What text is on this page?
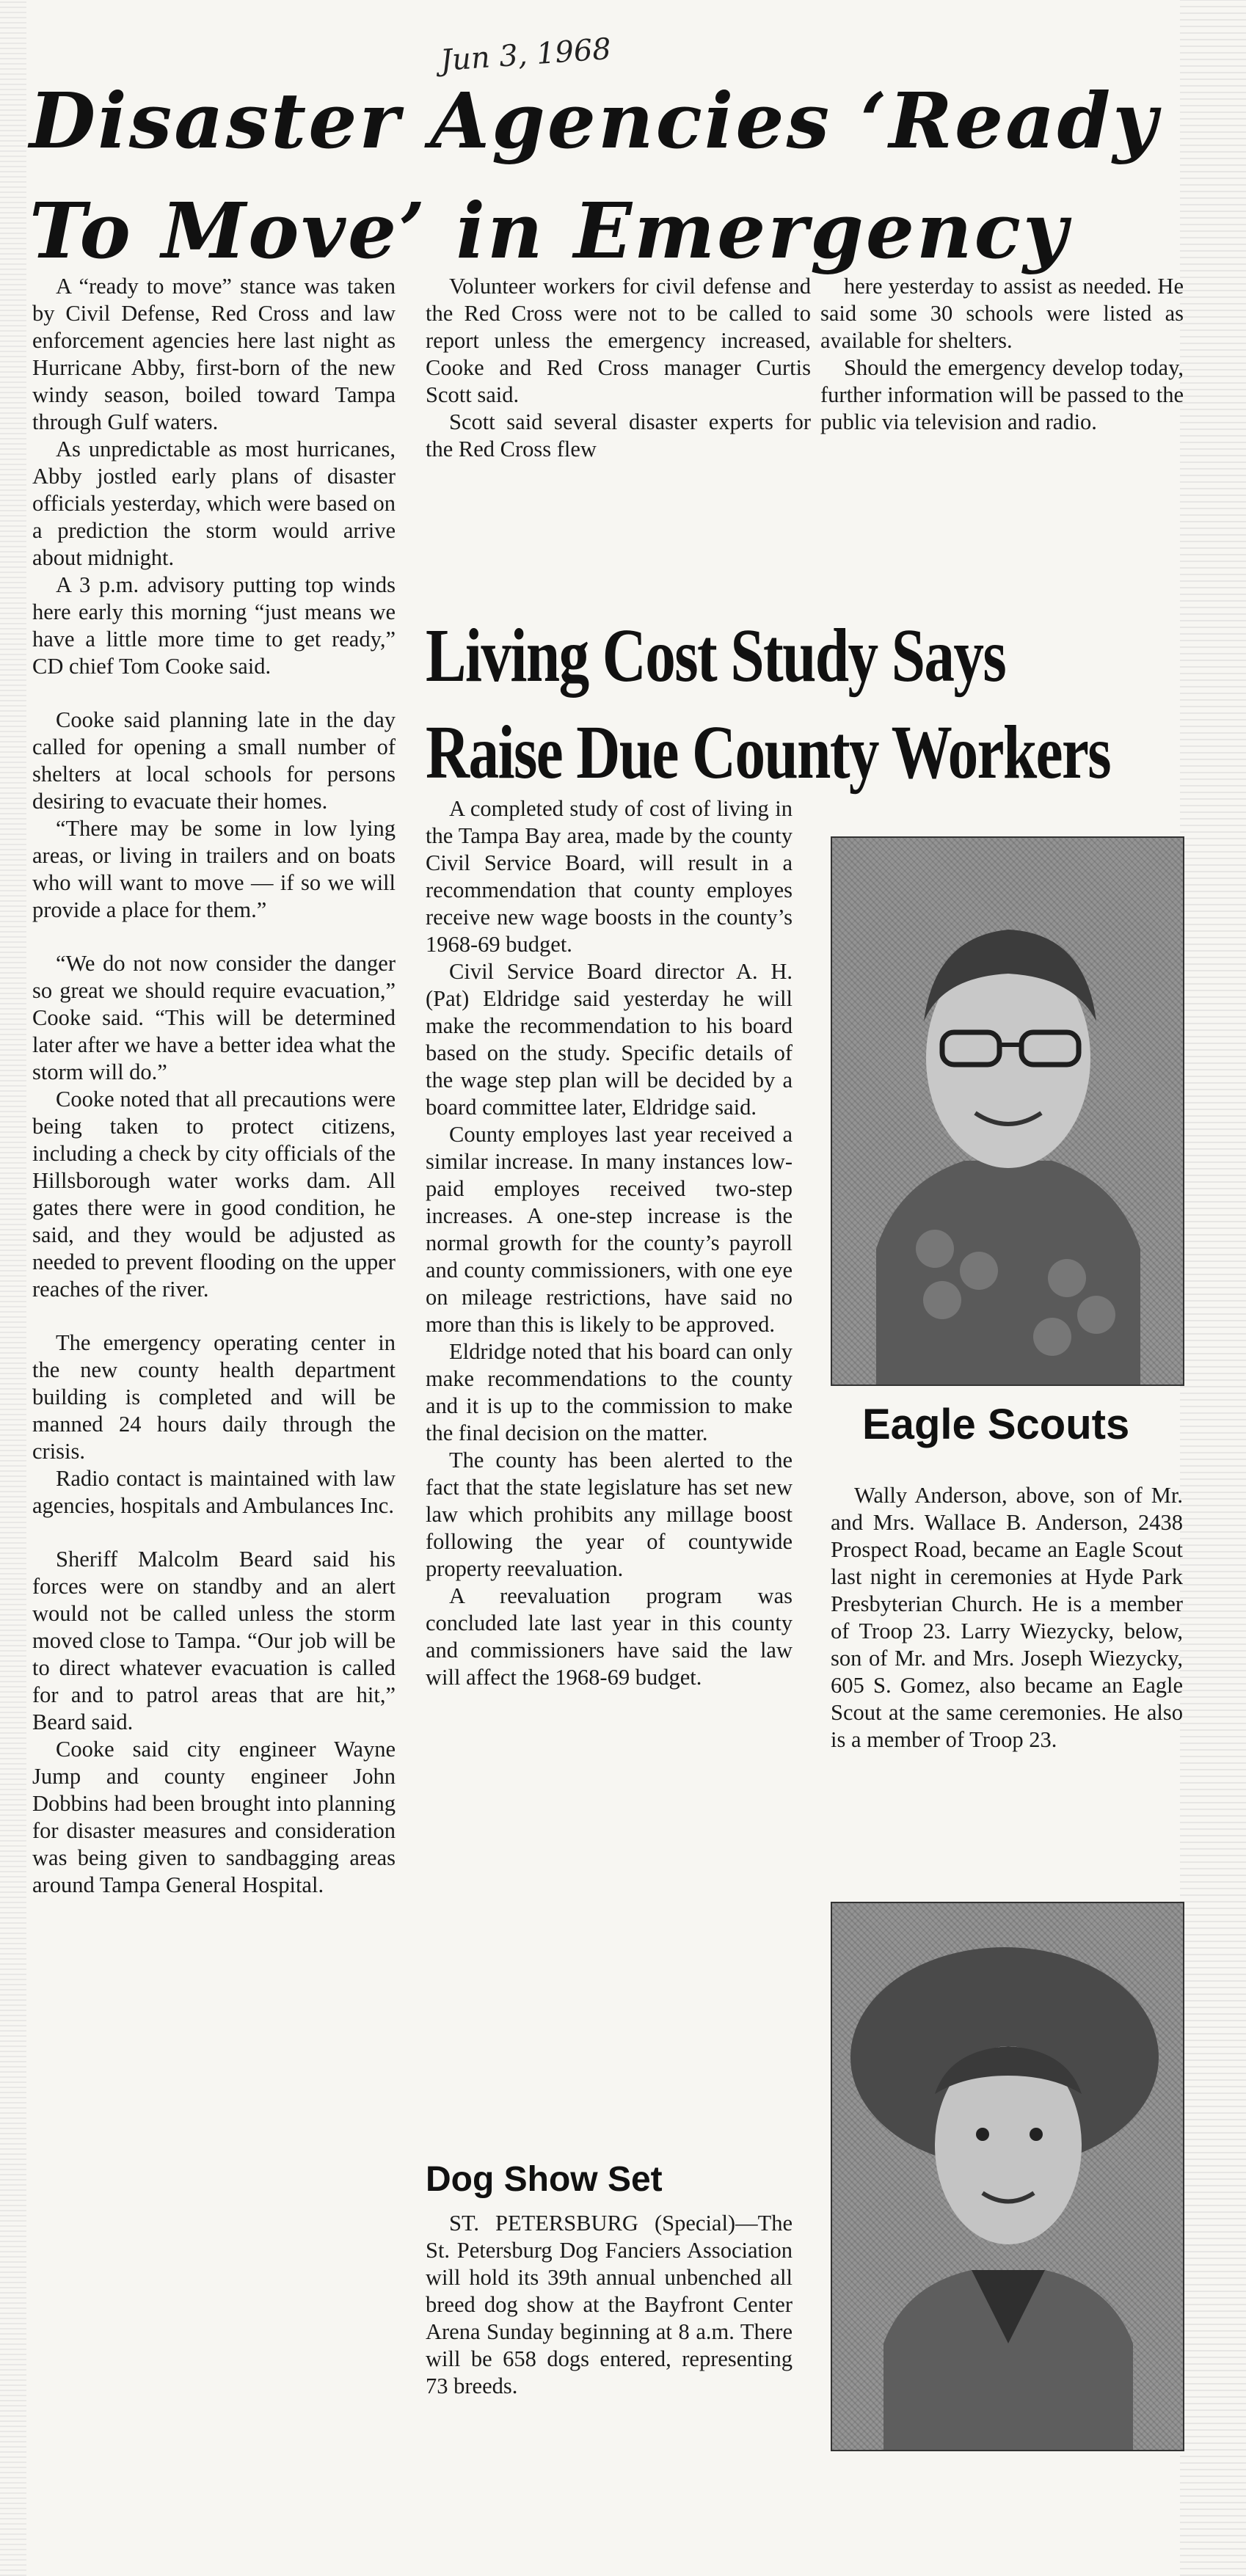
Jun 3, 1968
Disaster Agencies ‘Ready
To Move’ in Emergency

A “ready to move” stance was taken by Civil Defense, Red Cross and law enforcement agencies here last night as Hurricane Abby, first-born of the new windy season, boiled toward Tampa through Gulf waters.

As unpredictable as most hurricanes, Abby jostled early plans of disaster officials yesterday, which were based on a prediction the storm would arrive about midnight.

A 3 p.m. advisory putting top winds here early this morning “just means we have a little more time to get ready,” CD chief Tom Cooke said.

Cooke said planning late in the day called for opening a small number of shelters at local schools for persons desiring to evacuate their homes.

“There may be some in low lying areas, or living in trailers and on boats who will want to move — if so we will provide a place for them.”

“We do not now consider the danger so great we should require evacuation,” Cooke said. “This will be determined later after we have a better idea what the storm will do.”

Cooke noted that all precautions were being taken to protect citizens, including a check by city officials of the Hillsborough water works dam. All gates there were in good condition, he said, and they would be adjusted as needed to prevent flooding on the upper reaches of the river.

The emergency operating center in the new county health department building is completed and will be manned 24 hours daily through the crisis.

Radio contact is maintained with law agencies, hospitals and Ambulances Inc.

Sheriff Malcolm Beard said his forces were on standby and an alert would not be called unless the storm moved close to Tampa. “Our job will be to direct whatever evacuation is called for and to patrol areas that are hit,” Beard said.

Cooke said city engineer Wayne Jump and county engineer John Dobbins had been brought into planning for disaster measures and consideration was being given to sandbagging areas around Tampa General Hospital.

Volunteer workers for civil defense and the Red Cross were not to be called to report unless the emergency increased, Cooke and Red Cross manager Curtis Scott said.

Scott said several disaster experts for the Red Cross flew

here yesterday to assist as needed. He said some 30 schools were listed as available for shelters.

Should the emergency develop today, further information will be passed to the public via television and radio.

Living Cost Study Says
Raise Due County Workers

A completed study of cost of living in the Tampa Bay area, made by the county Civil Service Board, will result in a recommendation that county employes receive new wage boosts in the county’s 1968-69 budget.

Civil Service Board director A. H. (Pat) Eldridge said yesterday he will make the recommendation to his board based on the study. Specific details of the wage step plan will be decided by a board committee later, Eldridge said.

County employes last year received a similar increase. In many instances low-paid employes received two-step increases. A one-step increase is the normal growth for the county’s payroll and county commissioners, with one eye on mileage restrictions, have said no more than this is likely to be approved.

Eldridge noted that his board can only make recommendations to the county and it is up to the commission to make the final decision on the matter.

The county has been alerted to the fact that the state legislature has set new law which prohibits any millage boost following the year of countywide property reevaluation.

A reevaluation program was concluded late last year in this county and commissioners have said the law will affect the 1968-69 budget.

Eagle Scouts

Wally Anderson, above, son of Mr. and Mrs. Wallace B. Anderson, 2438 Prospect Road, became an Eagle Scout last night in ceremonies at Hyde Park Presbyterian Church. He is a member of Troop 23. Larry Wiezycky, below, son of Mr. and Mrs. Joseph Wiezycky, 605 S. Gomez, also became an Eagle Scout at the same ceremonies. He also is a member of Troop 23.

Dog Show Set

ST. PETERSBURG (Special)—The St. Petersburg Dog Fanciers Association will hold its 39th annual unbenched all breed dog show at the Bayfront Center Arena Sunday beginning at 8 a.m. There will be 658 dogs entered, representing 73 breeds.
